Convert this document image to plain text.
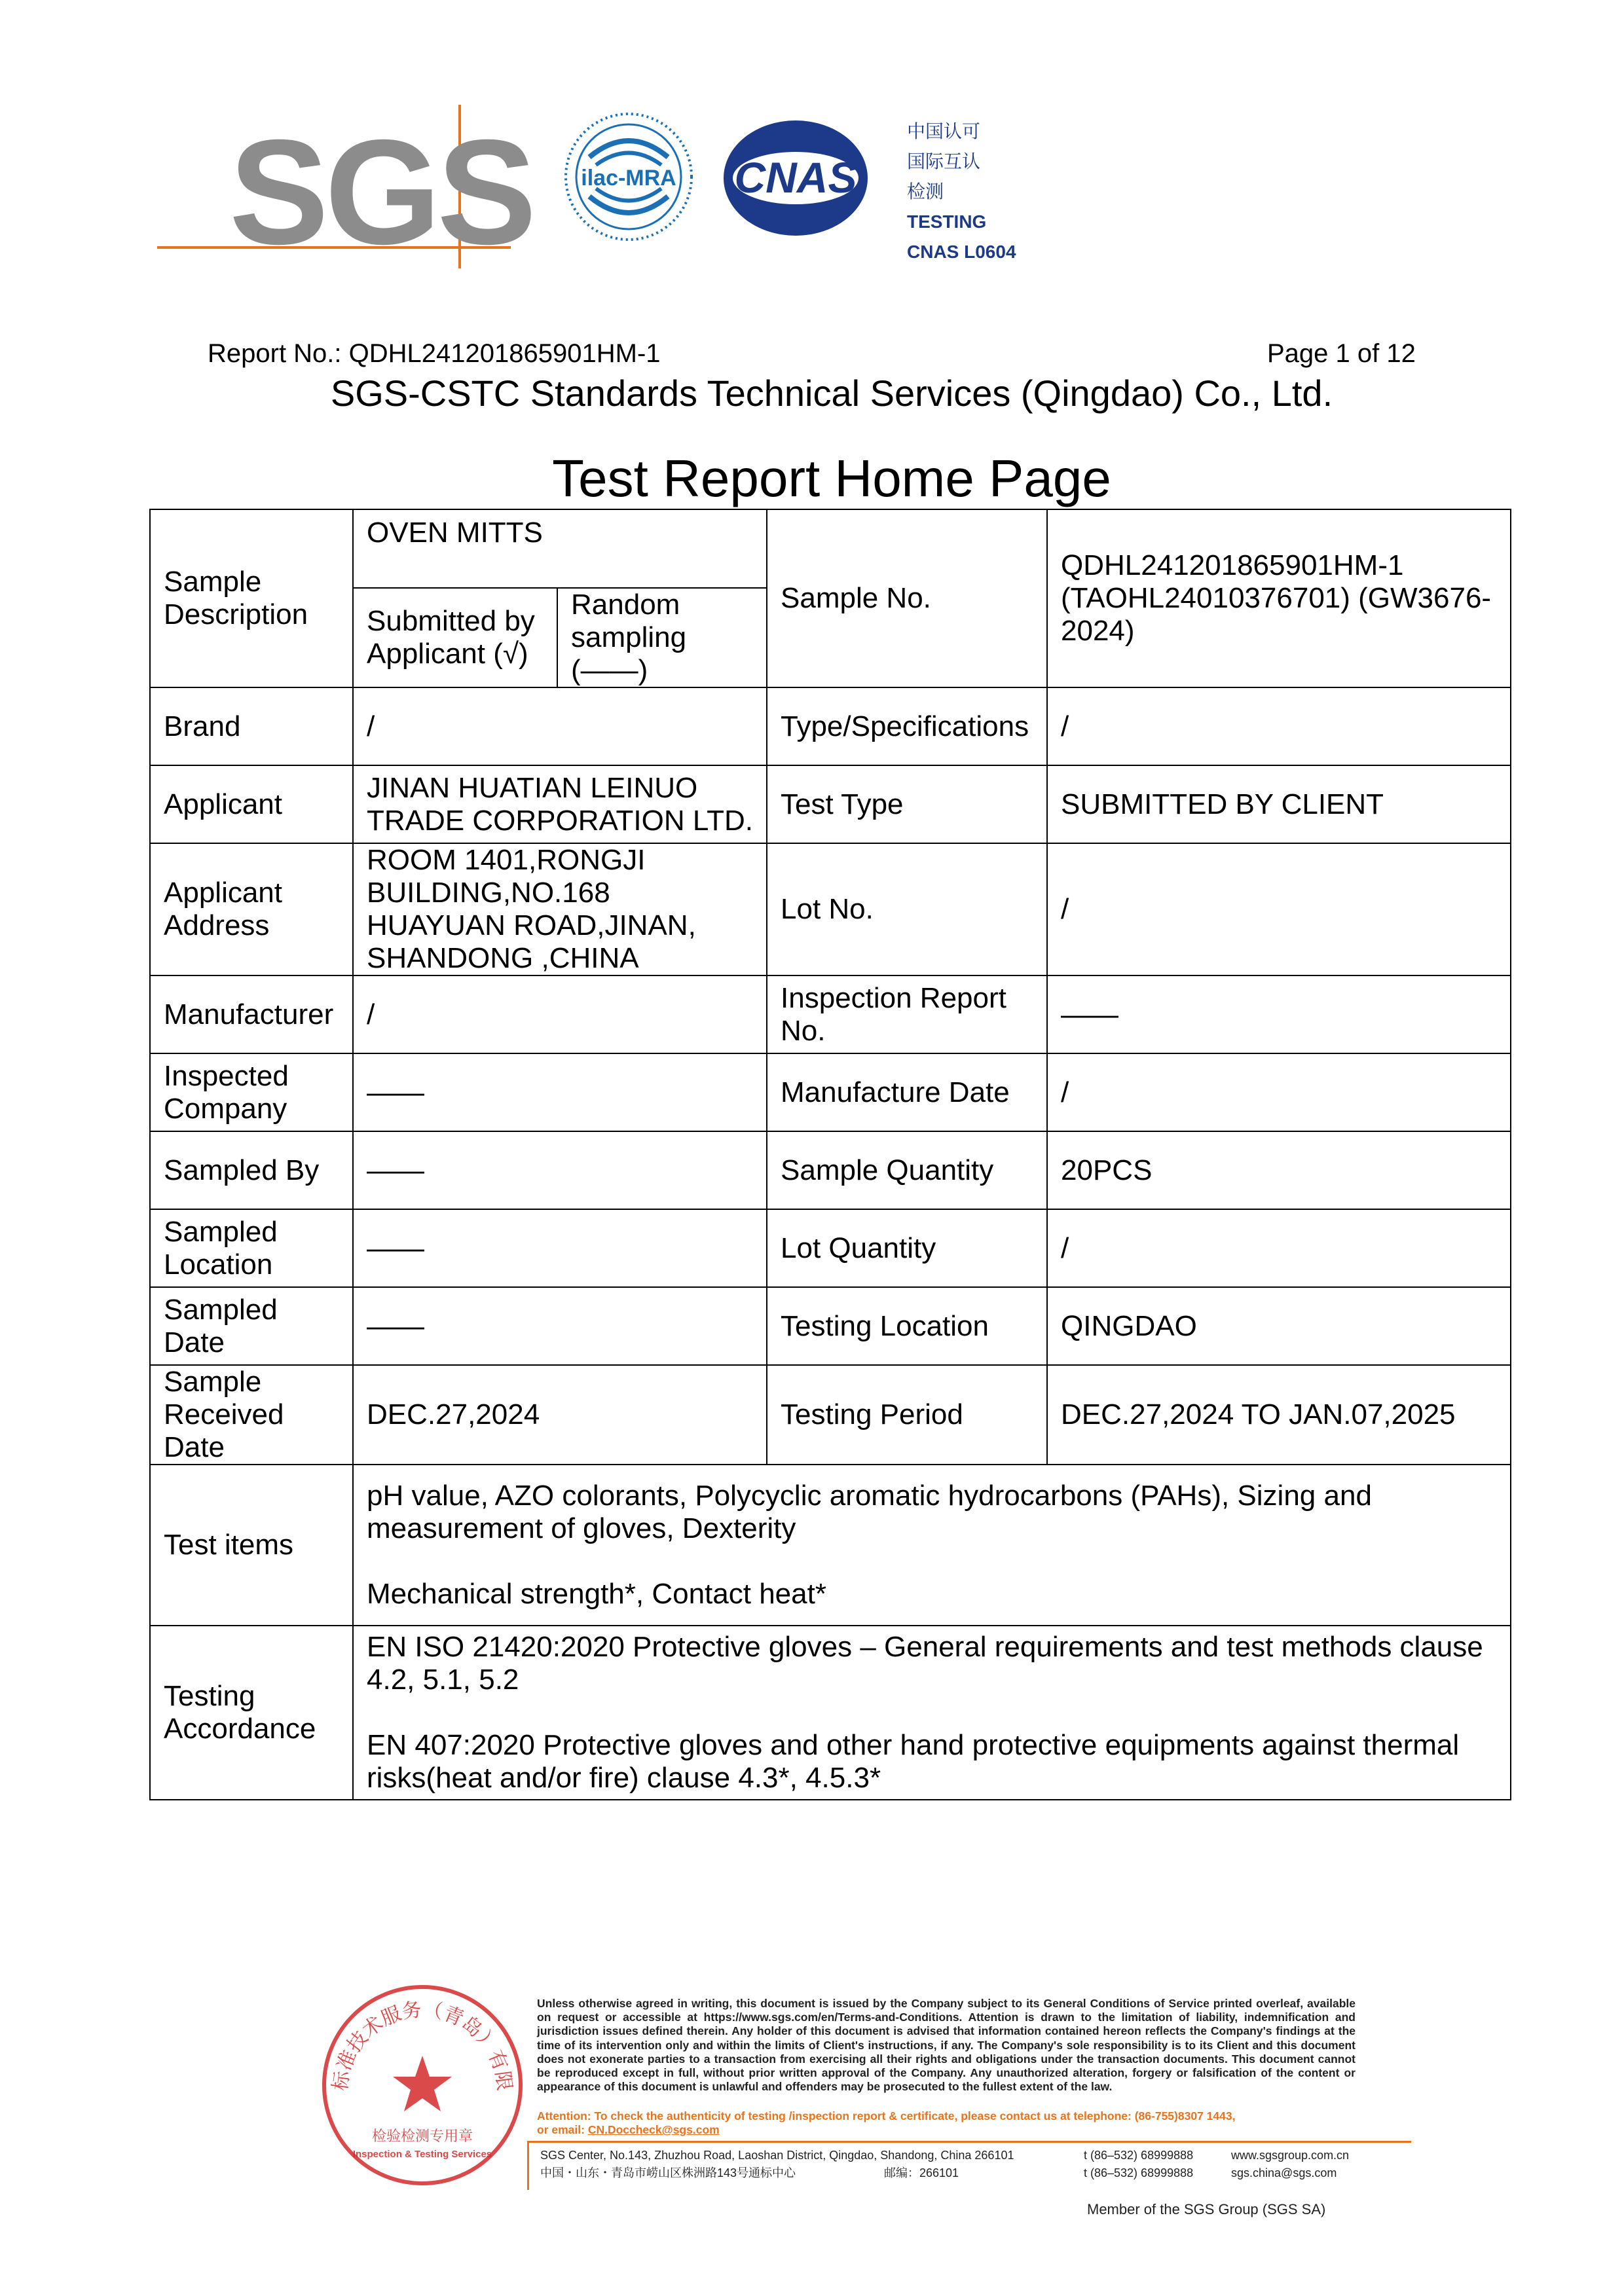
SGS ilac-MRA CNAS
中国认可
国际互认
检测
TESTING
CNAS L0604
Report No.: QDHL241201865901HM-1	Page 1 of 12
SGS-CSTC Standards Technical Services (Qingdao) Co., Ltd.
Test Report Home Page
Sample Description	OVEN MITTS		Sample No.	QDHL241201865901HM-1 (TAOHL24010376701) (GW3676-2024)
	Submitted by Applicant (√)	Random sampling (——)		
Brand	/		Type/Specifications	/
Applicant	JINAN HUATIAN LEINUO TRADE CORPORATION LTD.		Test Type	SUBMITTED BY CLIENT
Applicant Address	ROOM 1401,RONGJI BUILDING,NO.168 HUAYUAN ROAD,JINAN, SHANDONG ,CHINA		Lot No.	/
Manufacturer	/		Inspection Report No.	——
Inspected Company	——		Manufacture Date	/
Sampled By	——		Sample Quantity	20PCS
Sampled Location	——		Lot Quantity	/
Sampled Date	——		Testing Location	QINGDAO
Sample Received Date	DEC.27,2024		Testing Period	DEC.27,2024 TO JAN.07,2025
Test items	pH value, AZO colorants, Polycyclic aromatic hydrocarbons (PAHs), Sizing and measurement of gloves, Dexterity
Mechanical strength*, Contact heat*			

Testing Accordance	EN ISO 21420:2020 Protective gloves – General requirements and test methods clause 4.2, 5.1, 5.2
EN 407:2020 Protective gloves and other hand protective equipments against thermal risks(heat and/or fire) clause 4.3*, 4.5.3*			
标准技术服务（青岛）有限
检验检测专用章
Inspection & Testing Services
Unless otherwise agreed in writing, this document is issued by the Company subject to its General Conditions of Service printed overleaf, available on request or accessible at https://www.sgs.com/en/Terms-and-Conditions. Attention is drawn to the limitation of liability, indemnification and jurisdiction issues defined therein. Any holder of this document is advised that information contained hereon reflects the Company's findings at the time of its intervention only and within the limits of Client's instructions, if any. The Company's sole responsibility is to its Client and this document does not exonerate parties to a transaction from exercising all their rights and obligations under the transaction documents. This document cannot be reproduced except in full, without prior written approval of the Company. Any unauthorized alteration, forgery or falsification of the content or appearance of this document is unlawful and offenders may be prosecuted to the fullest extent of the law.
Attention: To check the authenticity of testing /inspection report & certificate, please contact us at telephone: (86-755)8307 1443,
or email: CN.Doccheck@sgs.com
SGS Center, No.143, Zhuzhou Road, Laoshan District, Qingdao, Shandong, China 266101
中国・山东・青岛市崂山区株洲路143号通标中心	邮编：266101
t (86–532) 68999888
t (86–532) 68999888
www.sgsgroup.com.cn
sgs.china@sgs.com
Member of the SGS Group (SGS SA)
